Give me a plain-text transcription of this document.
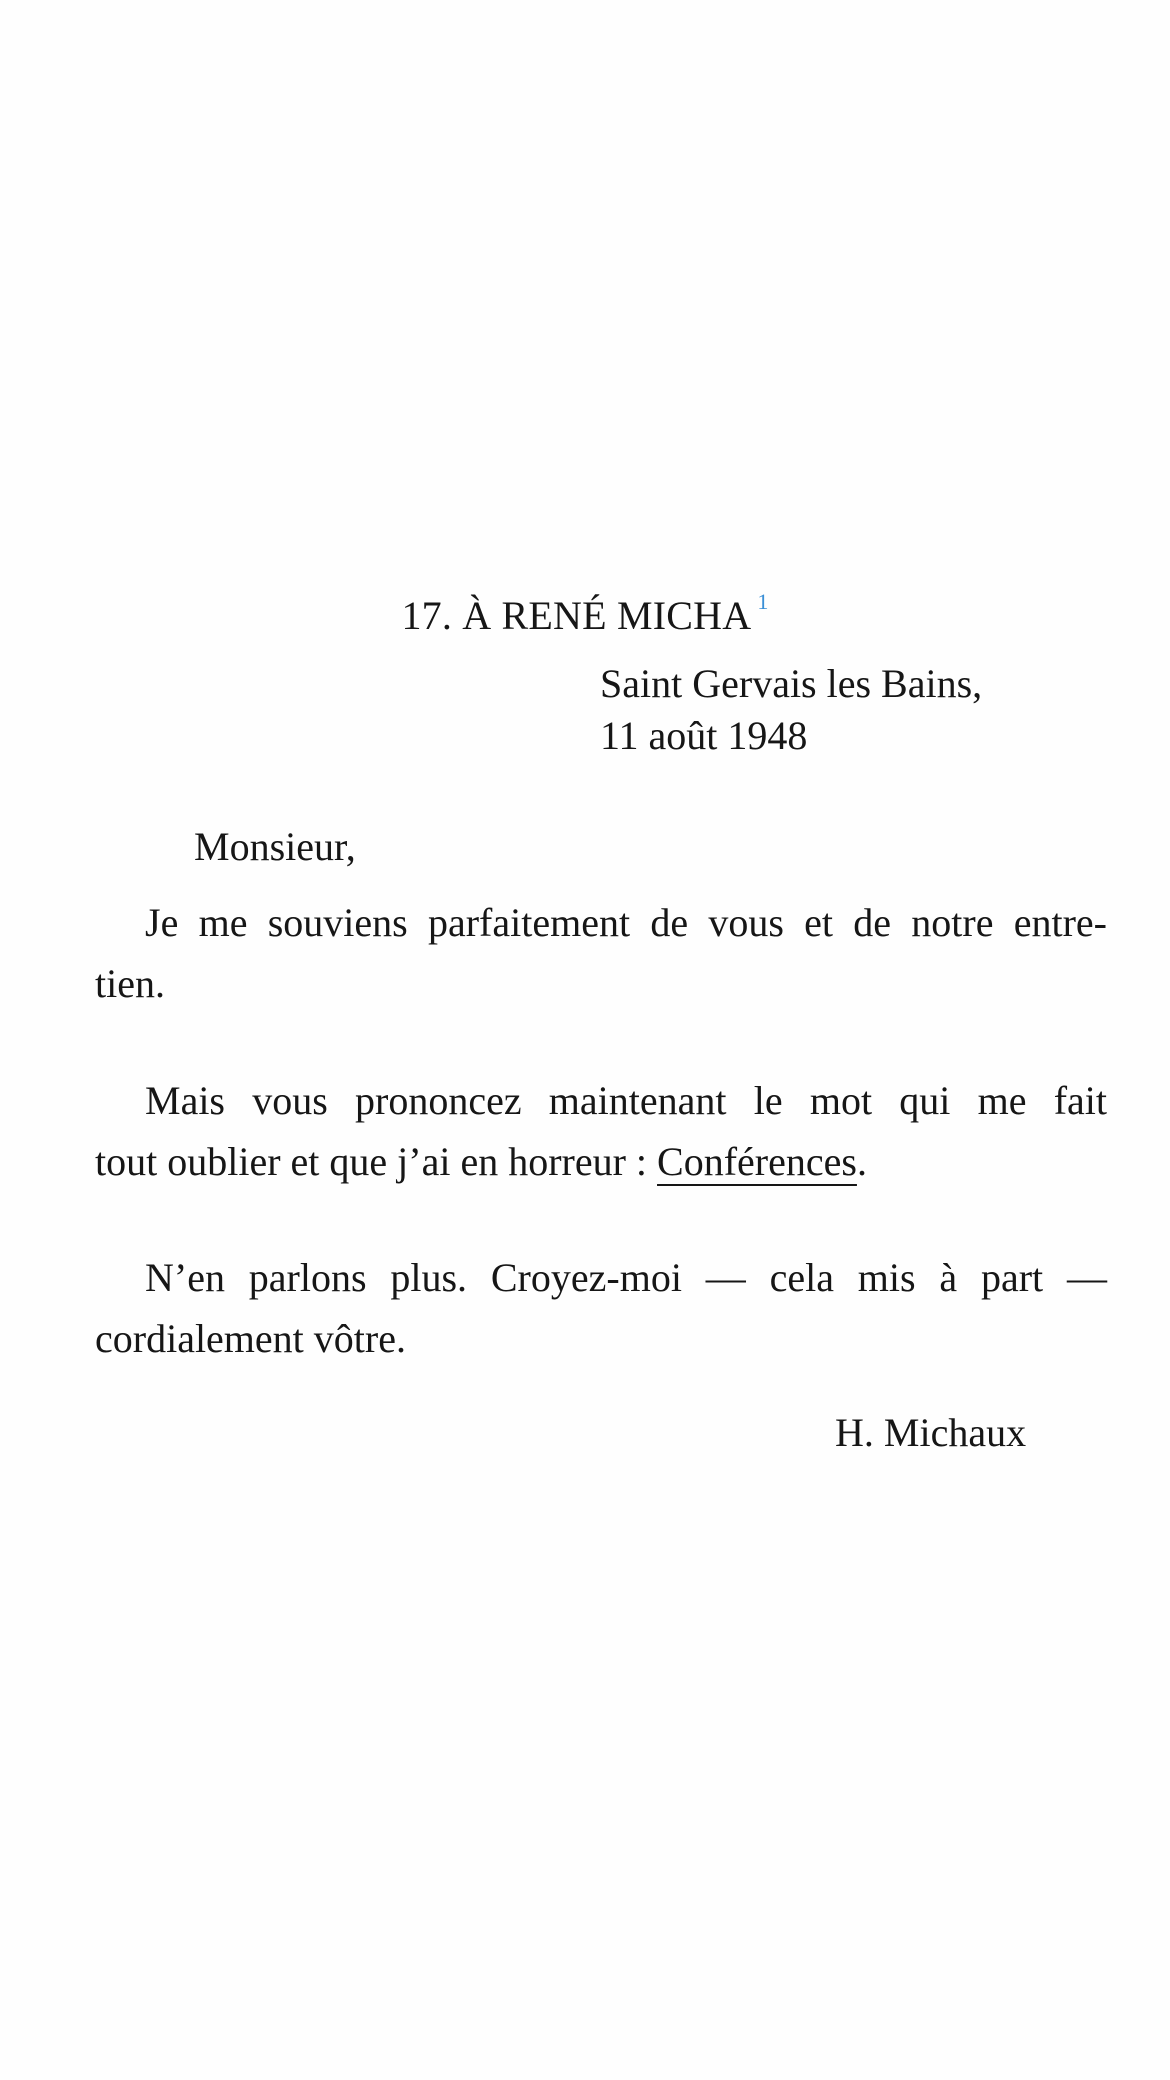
17. À RENÉ MICHA $^1$
Saint Gervais les Bains,
11 août 1948
Monsieur,
Je me souviens parfaitement de vous et de notre entre-
tien.
Mais vous prononcez maintenant le mot qui me fait
tout oublier et que j’ai en horreur : Conférences.
N’en parlons plus. Croyez-moi — cela mis à part —
cordialement vôtre.
H. Michaux
